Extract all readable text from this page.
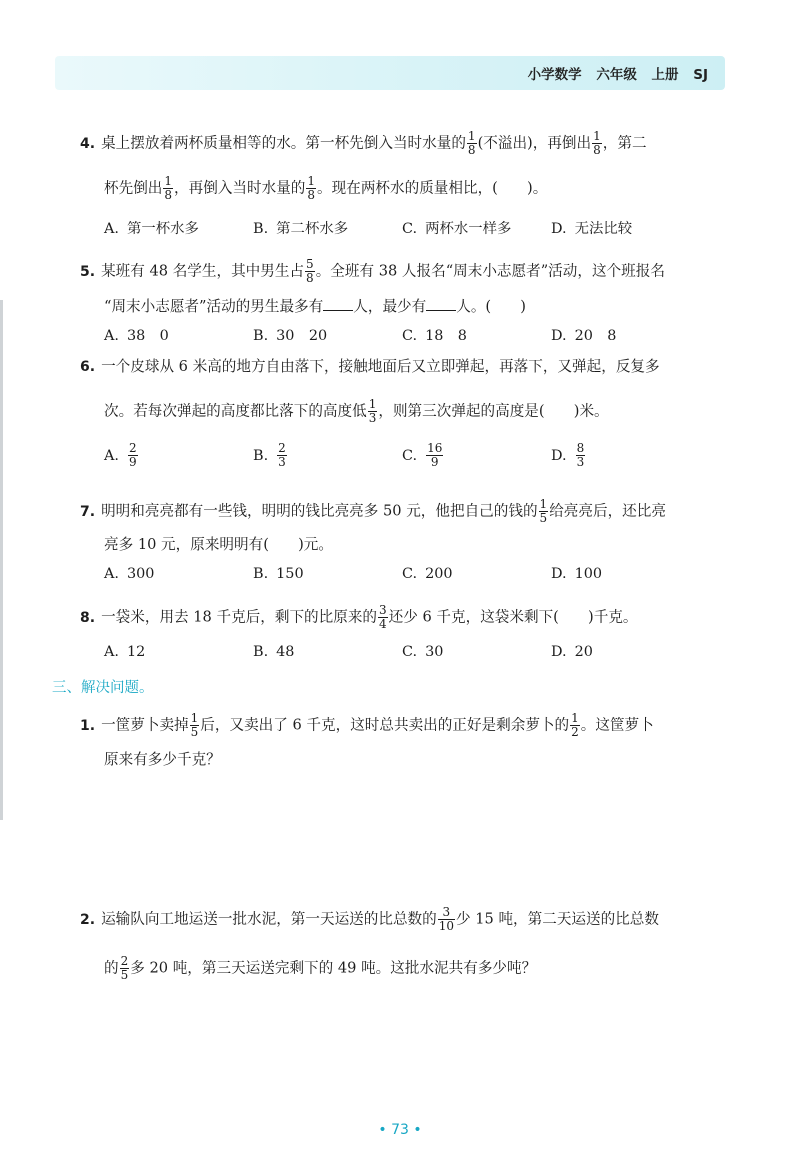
小学数学 六年级 上册 SJ
4. 桌上摆放着两杯质量相等的水。第一杯先倒入当时水量的 $\frac{1}{8}$ (不溢出)，再倒出 $\frac{1}{8}$ ，第二
杯先倒出 $\frac{1}{8}$ ，再倒入当时水量的 $\frac{1}{8}$ 。现在两杯水的质量相比，(　　)。
A. 第一杯水多	B. 第二杯水多	C. 两杯水一样多	D. 无法比较
5. 某班有 48 名学生，其中男生占 $\frac{5}{8}$ 。全班有 38 人报名“周末小志愿者”活动，这个班报名
“周末小志愿者”活动的男生最多有 人，最少有 人。(　　)
A. 38　0	B. 30　20	C. 18　8	D. 20　8
6. 一个皮球从 6 米高的地方自由落下，接触地面后又立即弹起，再落下，又弹起，反复多
次。若每次弹起的高度都比落下的高度低 $\frac{1}{3}$ ，则第三次弹起的高度是(　　)米。
A. $\frac{2}{9}$	B. $\frac{2}{3}$	C. $\frac{16}{9}$	D. $\frac{8}{3}$
7. 明明和亮亮都有一些钱，明明的钱比亮亮多 50 元，他把自己的钱的 $\frac{1}{5}$ 给亮亮后，还比亮
亮多 10 元，原来明明有(　　)元。
A. 300	B. 150	C. 200	D. 100
8. 一袋米，用去 18 千克后，剩下的比原来的 $\frac{3}{4}$ 还少 6 千克，这袋米剩下(　　)千克。
A. 12	B. 48	C. 30	D. 20
三、解决问题。
1. 一筐萝卜卖掉 $\frac{1}{5}$ 后，又卖出了 6 千克，这时总共卖出的正好是剩余萝卜的 $\frac{1}{2}$ 。这筐萝卜
原来有多少千克？
2. 运输队向工地运送一批水泥，第一天运送的比总数的 $\frac{3}{10}$ 少 15 吨，第二天运送的比总数
的 $\frac{2}{5}$ 多 20 吨，第三天运送完剩下的 49 吨。这批水泥共有多少吨？
• 73 •
